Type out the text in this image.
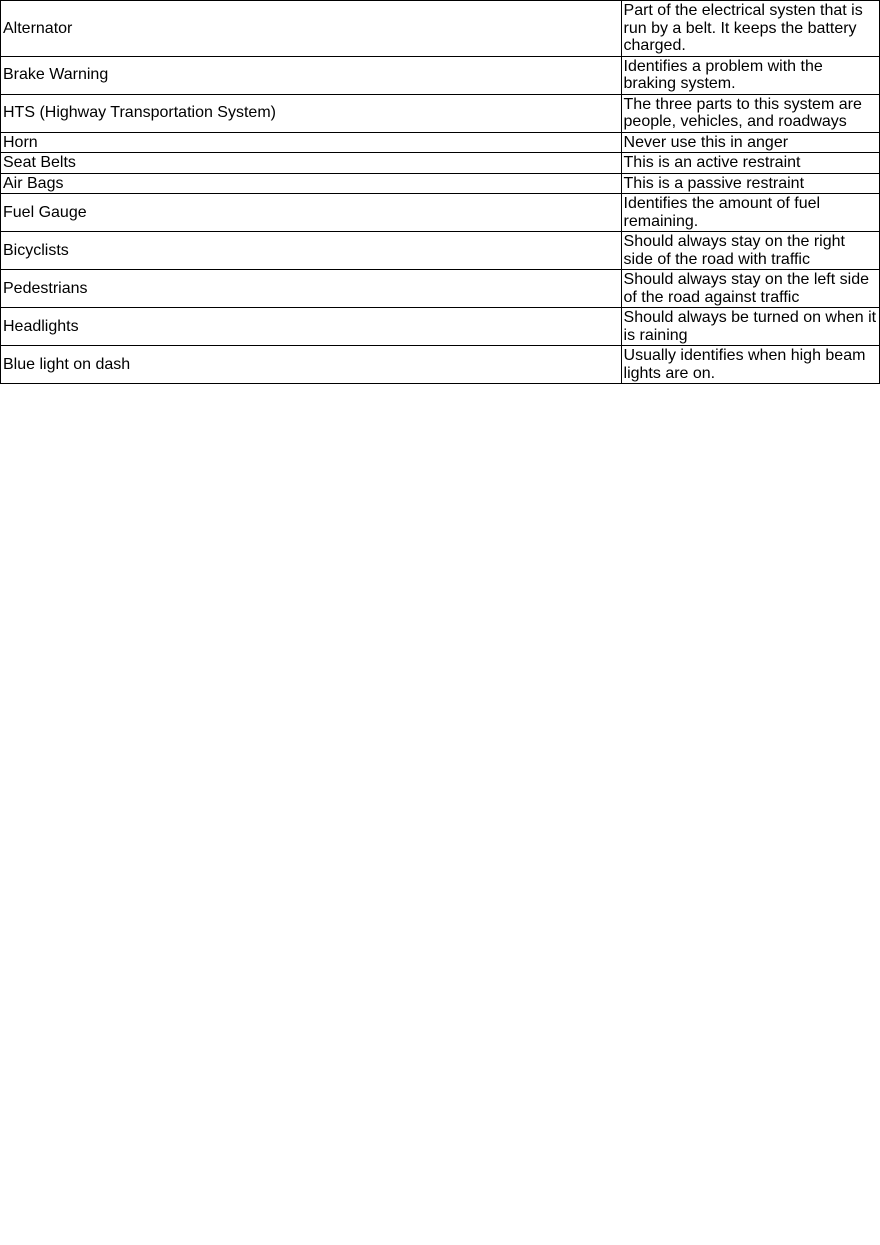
Alternator	Part of the electrical systen that is run by a belt. It keeps the battery charged.
Brake Warning	Identifies a problem with the braking system.
HTS (Highway Transportation System)	The three parts to this system are people, vehicles, and roadways
Horn	Never use this in anger
Seat Belts	This is an active restraint
Air Bags	This is a passive restraint
Fuel Gauge	Identifies the amount of fuel remaining.
Bicyclists	Should always stay on the right side of the road with traffic
Pedestrians	Should always stay on the left side of the road against traffic
Headlights	Should always be turned on when it is raining
Blue light on dash	Usually identifies when high beam lights are on.
